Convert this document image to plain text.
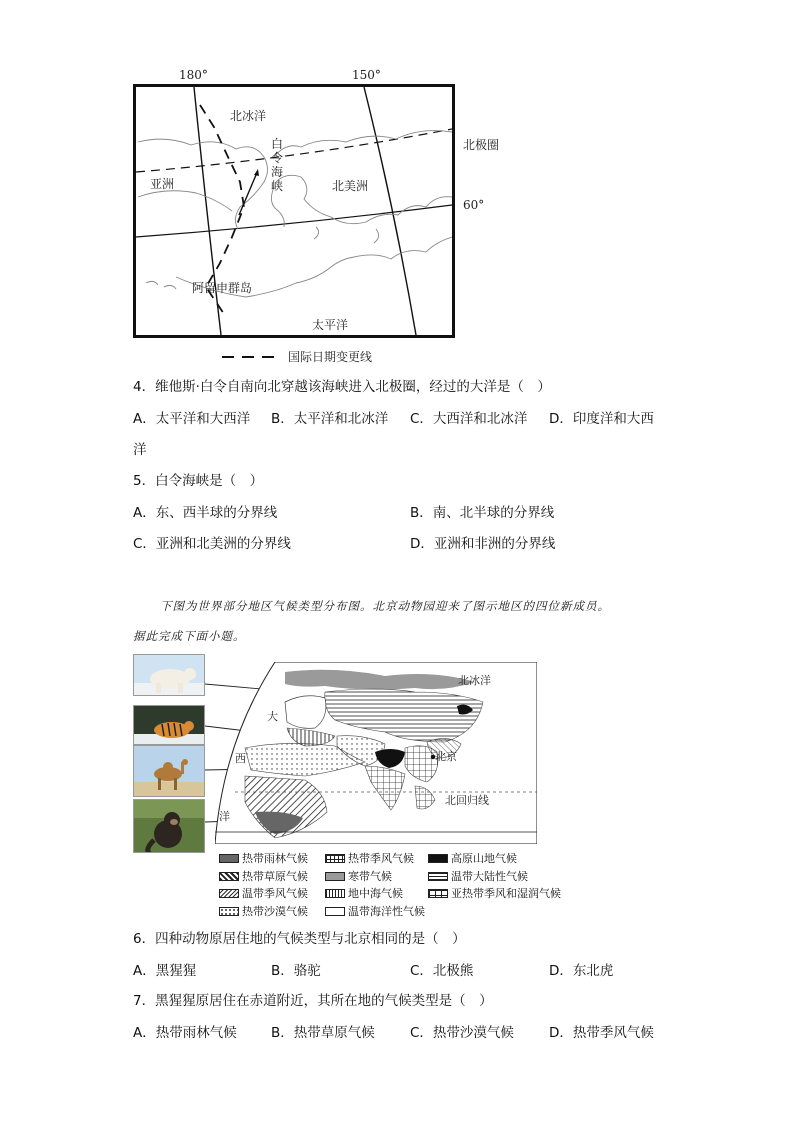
180°	150°
北冰洋
白
令
海
峡
亚洲	北美洲
阿留申群岛
太平洋
北极圈
60°
国际日期变更线
4．维他斯·白令自南向北穿越该海峡进入北极圈，经过的大洋是（　）
A．太平洋和大西洋 B．太平洋和北冰洋 C．大西洋和北冰洋 D．印度洋和大西
洋
5．白令海峡是（　）
A．东、西半球的分界线	B．南、北半球的分界线
C．亚洲和北美洲的分界线	D．亚洲和非洲的分界线
下图为世界部分地区气候类型分布图。北京动物园迎来了图示地区的四位新成员。
据此完成下面小题。
北冰洋
北京
北回归线
大
西
洋
热带雨林气候	热带季风气候	高原山地气候
热带草原气候	寒带气候	温带大陆性气候
温带季风气候	地中海气候	亚热带季风和湿润气候
热带沙漠气候	温带海洋性气候
6．四种动物原居住地的气候类型与北京相同的是（　）
A．黑猩猩	B．骆驼	C．北极熊	D．东北虎
7．黑猩猩原居住在赤道附近，其所在地的气候类型是（　）
A．热带雨林气候	B．热带草原气候	C．热带沙漠气候	D．热带季风气候
